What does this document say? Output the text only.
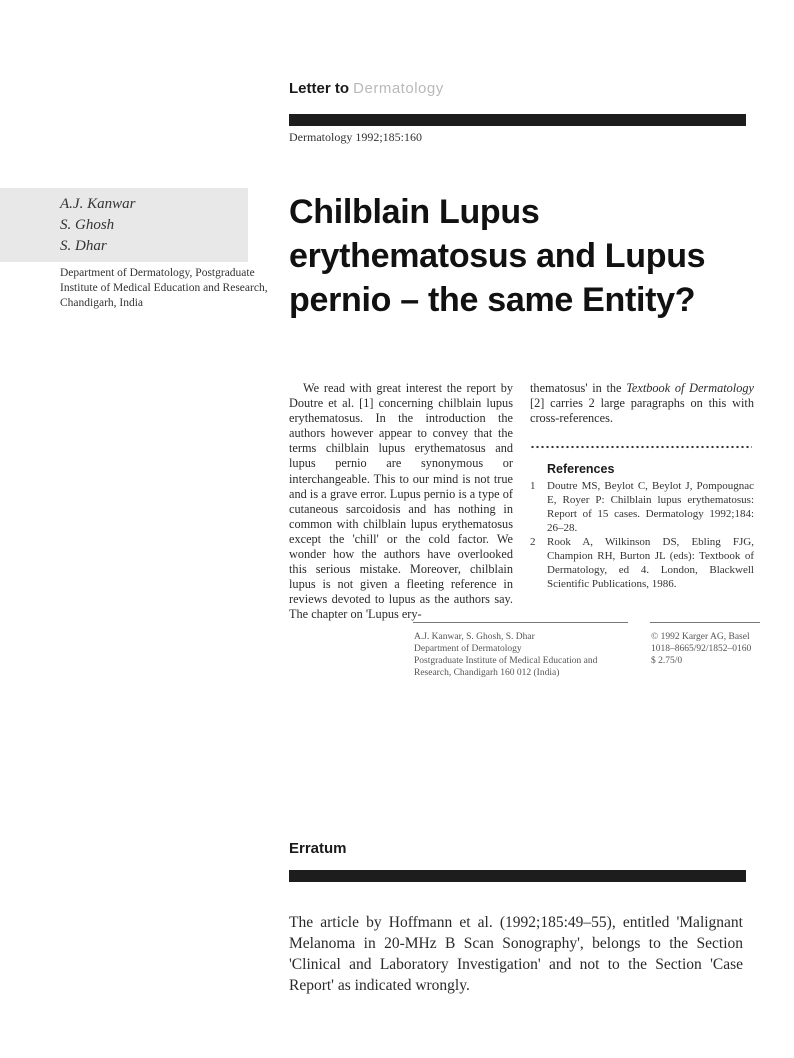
Letter to Dermatology
Dermatology 1992;185:160
A.J. Kanwar
S. Ghosh
S. Dhar
Department of Dermatology, Postgraduate Institute of Medical Education and Research, Chandigarh, India
Chilblain Lupus erythematosus and Lupus pernio – the same Entity?
We read with great interest the report by Doutre et al. [1] concerning chilblain lupus erythematosus. In the introduction the authors however appear to convey that the terms chilblain lupus erythematosus and lupus pernio are synonymous or interchangeable. This to our mind is not true and is a grave error. Lupus pernio is a type of cutaneous sarcoidosis and has nothing in common with chilblain lupus erythematosus except the 'chill' or the cold factor. We wonder how the authors have overlooked this serious mistake. Moreover, chilblain lupus is not given a fleeting reference in reviews devoted to lupus as the authors say. The chapter on 'Lupus ery-
thematosus' in the Textbook of Dermatology [2] carries 2 large paragraphs on this with cross-references.
References
1 Doutre MS, Beylot C, Beylot J, Pompougnac E, Royer P: Chilblain lupus erythematosus: Report of 15 cases. Dermatology 1992;184: 26–28.
2 Rook A, Wilkinson DS, Ebling FJG, Champion RH, Burton JL (eds): Textbook of Dermatology, ed 4. London, Blackwell Scientific Publications, 1986.
A.J. Kanwar, S. Ghosh, S. Dhar
Department of Dermatology
Postgraduate Institute of Medical Education and
Research, Chandigarh 160 012 (India)
© 1992 Karger AG, Basel
1018–8665/92/1852–0160
$ 2.75/0
Erratum
The article by Hoffmann et al. (1992;185:49–55), entitled 'Malignant Melanoma in 20-MHz B Scan Sonography', belongs to the Section 'Clinical and Laboratory Investigation' and not to the Section 'Case Report' as indicated wrongly.
